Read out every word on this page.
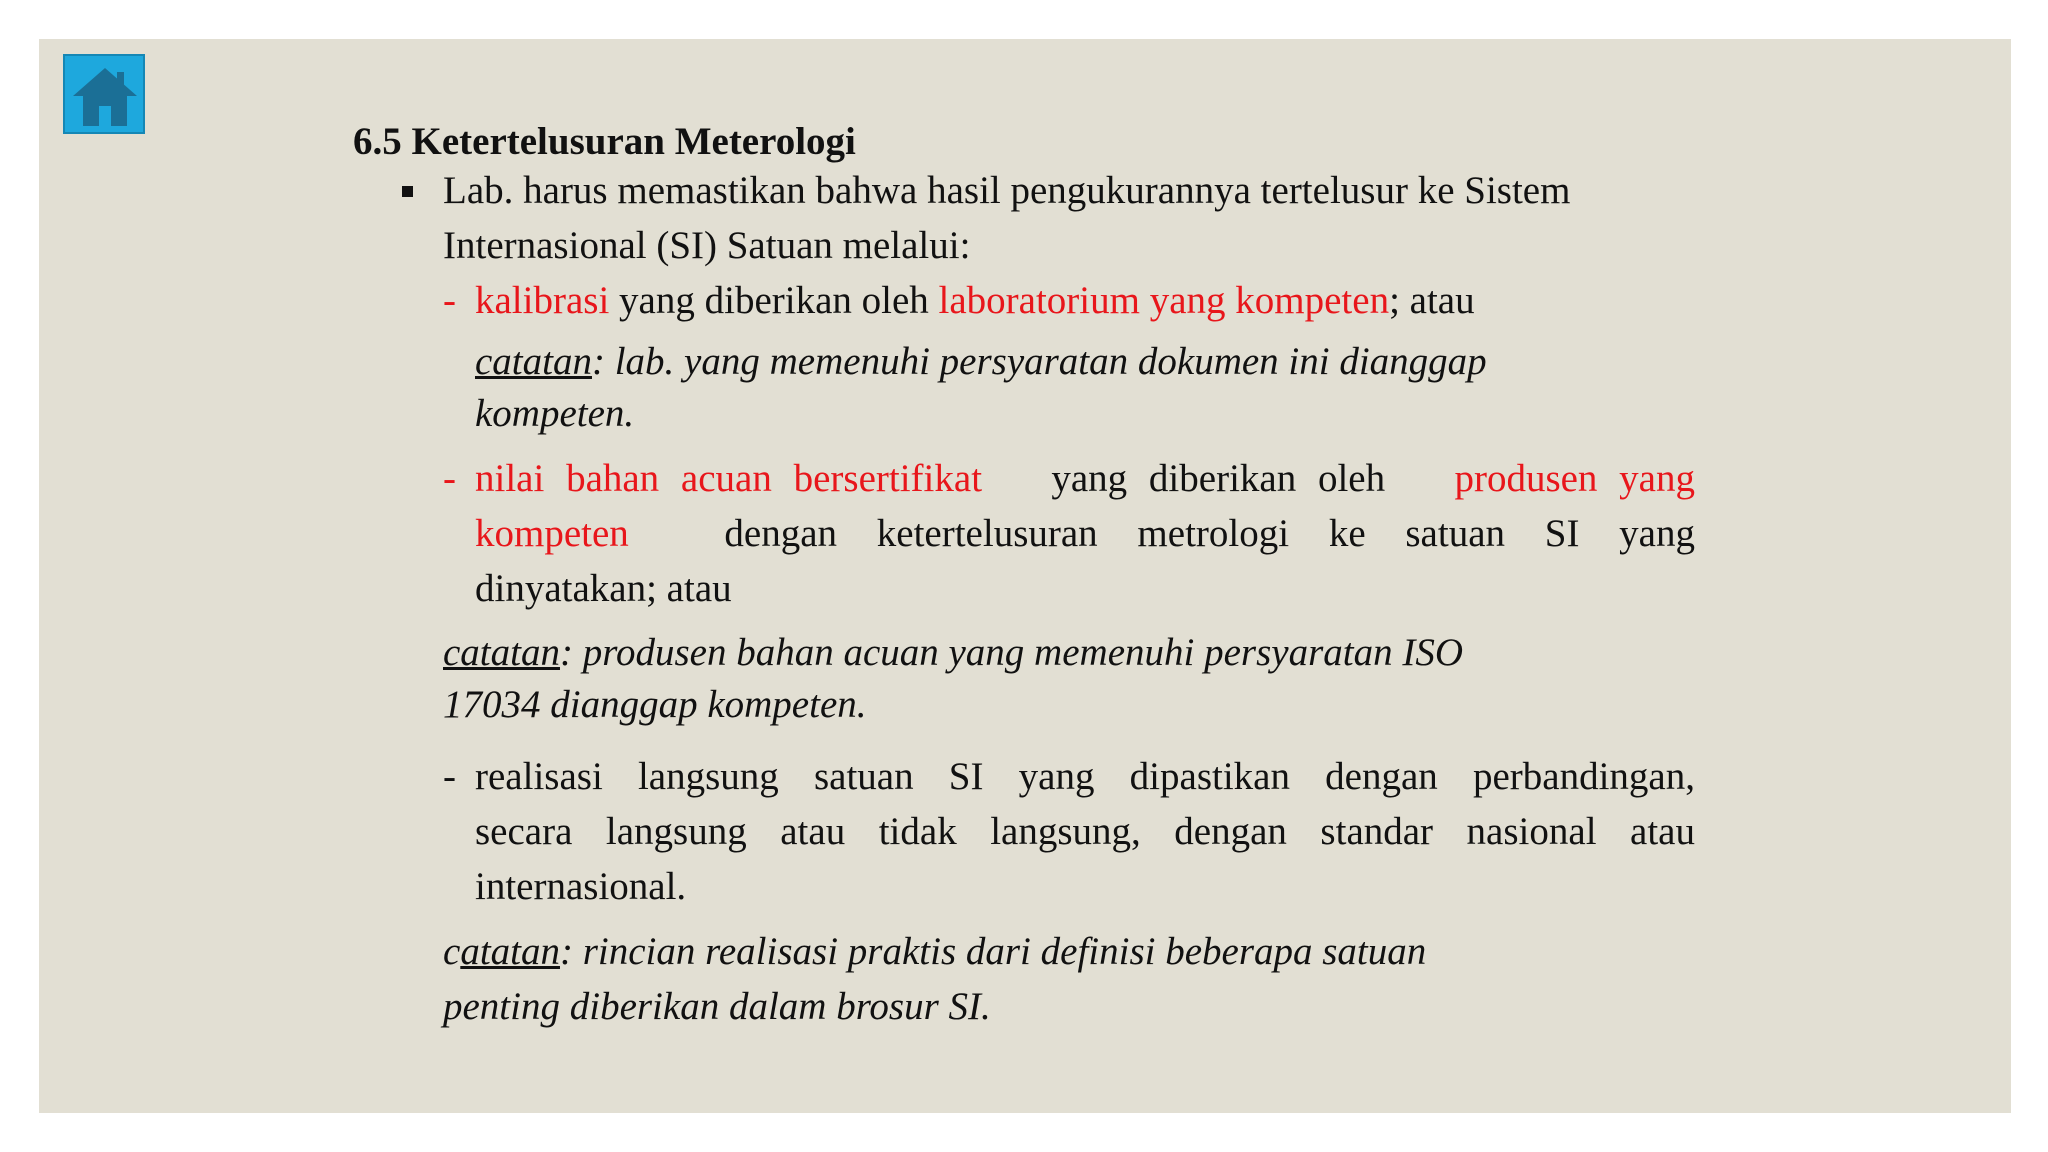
6.5 Ketertelusuran Meterologi
Lab. harus memastikan bahwa hasil pengukurannya tertelusur ke Sistem
Internasional (SI) Satuan melalui:
- kalibrasi yang diberikan oleh laboratorium yang kompeten; atau
catatan: lab. yang memenuhi persyaratan dokumen ini dianggap
kompeten.
- nilai bahan acuan bersertifikat yang diberikan oleh produsen yang
kompeten dengan ketertelusuran metrologi ke satuan SI yang
dinyatakan; atau
catatan: produsen bahan acuan yang memenuhi persyaratan ISO
17034 dianggap kompeten.
- realisasi langsung satuan SI yang dipastikan dengan perbandingan,
secara langsung atau tidak langsung, dengan standar nasional atau
internasional.
catatan: rincian realisasi praktis dari definisi beberapa satuan
penting diberikan dalam brosur SI.
